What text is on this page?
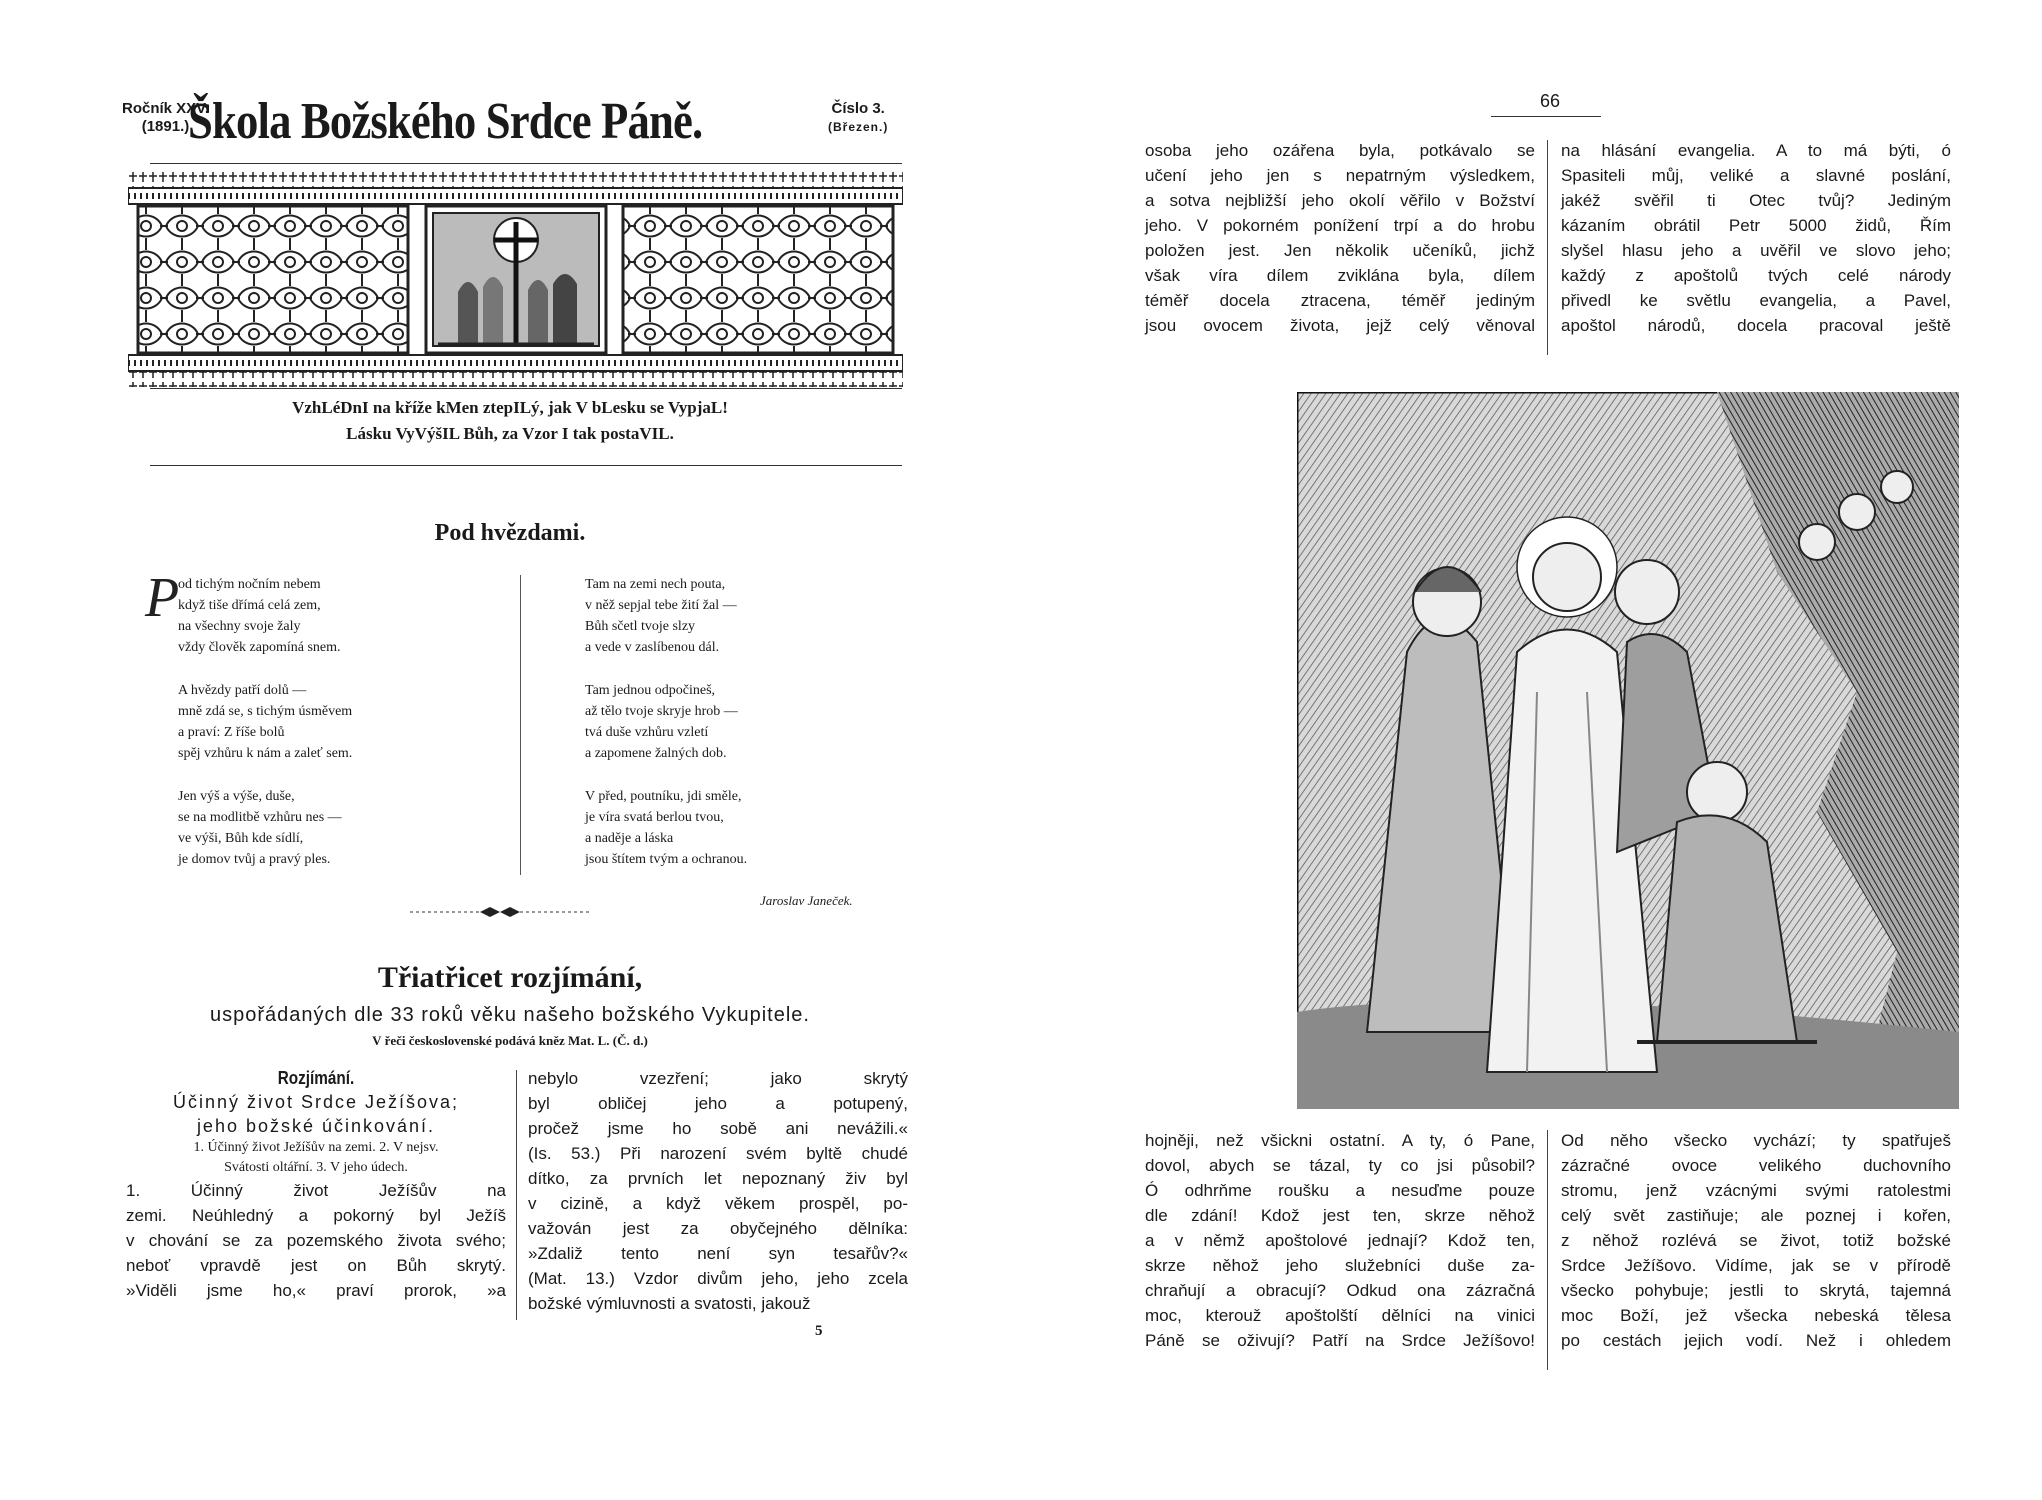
Ročník XXV.
(1891.)
Škola Božského Srdce Páně.	Číslo 3.
(Březen.)
VzhLéDnI na kříže kMen ztepILý, jak V bLesku se VypjaL!
Lásku VyVýšIL Bůh, za Vzor I tak postaVIL.
Pod hvězdami.
P
od tichým nočním nebem
když tiše dřímá celá zem,
na všechny svoje žaly
vždy člověk zapomíná snem.
A hvězdy patří dolů —
mně zdá se, s tichým úsměvem
a praví: Z říše bolů
spěj vzhůru k nám a zaleť sem.
Jen výš a výše, duše,
se na modlitbě vzhůru nes —
ve výši, Bůh kde sídlí,
je domov tvůj a pravý ples.
Tam na zemi nech pouta,
v něž sepjal tebe žití žal —
Bůh sčetl tvoje slzy
a vede v zaslíbenou dál.
Tam jednou odpočineš,
až tělo tvoje skryje hrob —
tvá duše vzhůru vzletí
a zapomene žalných dob.
V před, poutníku, jdi směle,
je víra svatá berlou tvou,
a naděje a láska
jsou štítem tvým a ochranou.
Jaroslav Janeček.
Třiatřicet rozjímání,
uspořádaných dle 33 roků věku našeho božského Vykupitele.
V řeči československé podává kněz Mat. L. (Č. d.)
Rozjímání.
Účinný život Srdce Ježíšova;
jeho božské účinkování.
1. Účinný život Ježíšův na zemi. 2. V nejsv.
Svátosti oltářní. 3. V jeho údech.

1. Účinný život Ježíšův na
zemi. Neúhledný a pokorný byl Ježíš
v chování se za pozemského života svého;
neboť vpravdě jest on Bůh skrytý.
»Viděli jsme ho,« praví prorok, »a

nebylo vzezření; jako skrytý
byl obličej jeho a potupený,
pročež jsme ho sobě ani nevážili.«
(Is. 53.) Při narození svém byltě chudé
dítko, za prvních let nepoznaný živ byl
v cizině, a když věkem prospěl, po-
važován jest za obyčejného dělníka:
»Zdaliž tento není syn tesařův?«
(Mat. 13.) Vzdor divům jeho, jeho zcela
božské výmluvnosti a svatosti, jakouž

5
66
osoba jeho ozářena byla, potkávalo se
učení jeho jen s nepatrným výsledkem,
a sotva nejbližší jeho okolí věřilo v Božství
jeho. V pokorném ponížení trpí a do hrobu
položen jest. Jen několik učeníků, jichž
však víra dílem zviklána byla, dílem
téměř docela ztracena, téměř jediným
jsou ovocem života, jejž celý věnoval
na hlásání evangelia. A to má býti, ó
Spasiteli můj, veliké a slavné poslání,
jakéž svěřil ti Otec tvůj? Jediným
kázaním obrátil Petr 5000 židů, Řím
slyšel hlasu jeho a uvěřil ve slovo jeho;
každý z apoštolů tvých celé národy
přivedl ke světlu evangelia, a Pavel,
apoštol národů, docela pracoval ještě
hojněji, než všickni ostatní. A ty, ó Pane,
dovol, abych se tázal, ty co jsi působil?
Ó odhrňme roušku a nesuďme pouze
dle zdání! Kdož jest ten, skrze něhož
a v němž apoštolové jednají? Kdož ten,
skrze něhož jeho služebníci duše za-
chraňují a obracují? Odkud ona zázračná
moc, kterouž apoštolští dělníci na vinici
Páně se oživují? Patří na Srdce Ježíšovo!
Od něho všecko vychází; ty spatřuješ
zázračné ovoce velikého duchovního
stromu, jenž vzácnými svými ratolestmi
celý svět zastiňuje; ale poznej i kořen,
z něhož rozlévá se život, totiž božské
Srdce Ježíšovo. Vidíme, jak se v přírodě
všecko pohybuje; jestli to skrytá, tajemná
moc Boží, jež všecka nebeská tělesa
po cestách jejich vodí. Než i ohledem
